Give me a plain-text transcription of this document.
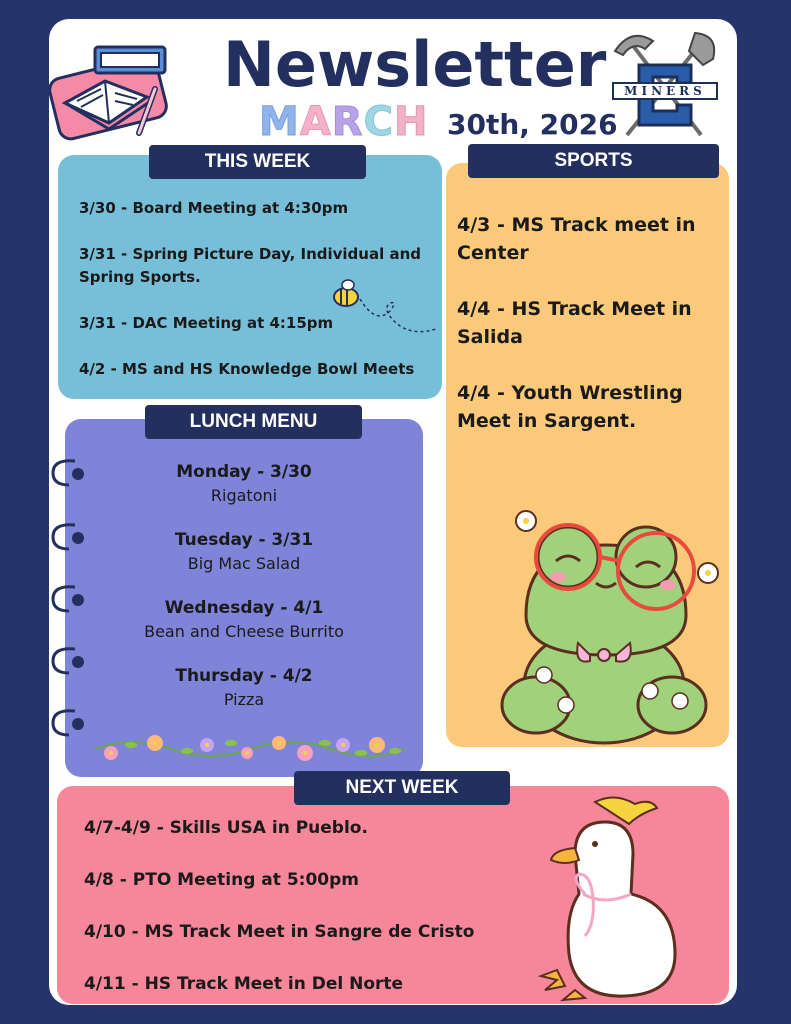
Newsletter
MARCH 30th, 2026
MINERS
3/30 - Board Meeting at 4:30pm
3/31 - Spring Picture Day, Individual and Spring Sports.
3/31 - DAC Meeting at 4:15pm
4/2 - MS and HS Knowledge Bowl Meets
THIS WEEK
4/3 - MS Track meet in Center
4/4 - HS Track Meet in Salida
4/4 - Youth Wrestling Meet in Sargent.
SPORTS
Monday - 3/30
Rigatoni
Tuesday - 3/31
Big Mac Salad
Wednesday - 4/1
Bean and Cheese Burrito
Thursday - 4/2
Pizza
LUNCH MENU
4/7-4/9 - Skills USA in Pueblo.
4/8 - PTO Meeting at 5:00pm
4/10 - MS Track Meet in Sangre de Cristo
4/11 - HS Track Meet in Del Norte
NEXT WEEK
